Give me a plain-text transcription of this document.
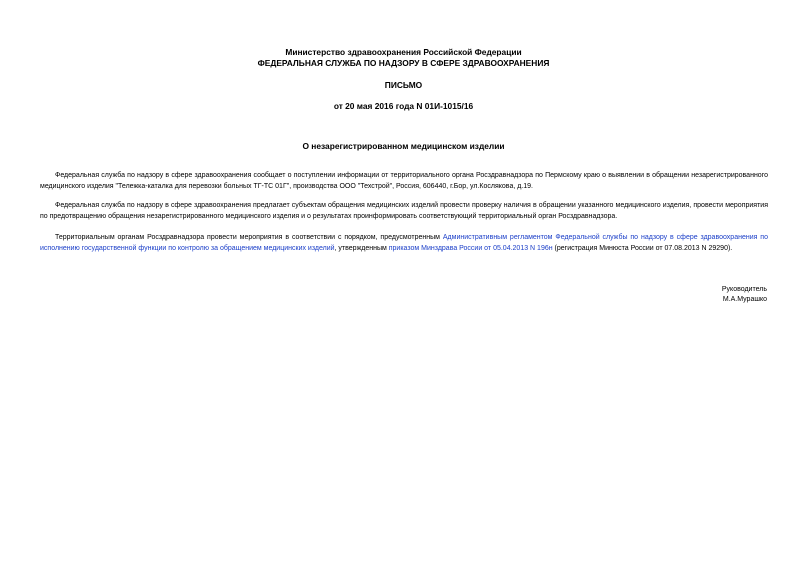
Министерство здравоохранения Российской Федерации
ФЕДЕРАЛЬНАЯ СЛУЖБА ПО НАДЗОРУ В СФЕРЕ ЗДРАВООХРАНЕНИЯ
ПИСЬМО
от 20 мая 2016 года N 01И-1015/16
О незарегистрированном медицинском изделии
Федеральная служба по надзору в сфере здравоохранения сообщает о поступлении информации от территориального органа Росздравнадзора по Пермскому краю о выявлении в обращении незарегистрированного медицинского изделия "Тележка-каталка для перевозки больных ТГ-ТС 01Г", производства ООО "Техстрой", Россия, 606440, г.Бор, ул.Кослякова, д.19.
Федеральная служба по надзору в сфере здравоохранения предлагает субъектам обращения медицинских изделий провести проверку наличия в обращении указанного медицинского изделия, провести мероприятия по предотвращению обращения незарегистрированного медицинского изделия и о результатах проинформировать соответствующий территориальный орган Росздравнадзора.
Территориальным органам Росздравнадзора провести мероприятия в соответствии с порядком, предусмотренным Административным регламентом Федеральной службы по надзору в сфере здравоохранения по исполнению государственной функции по контролю за обращением медицинских изделий, утвержденным приказом Минздрава России от 05.04.2013 N 196н (регистрация Минюста России от 07.08.2013 N 29290).
Руководитель
М.А.Мурашко
